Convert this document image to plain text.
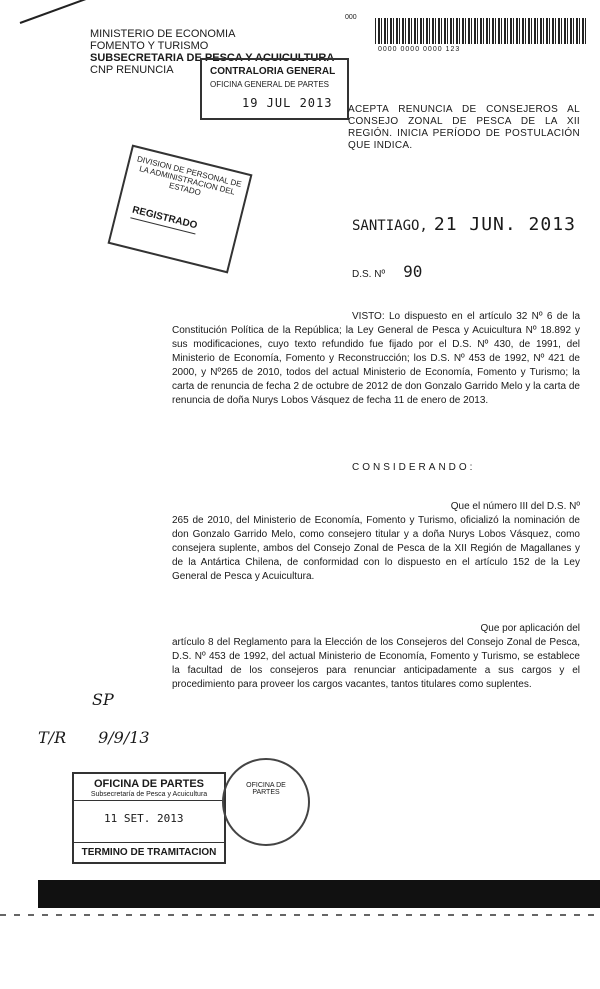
MINISTERIO DE ECONOMIA
FOMENTO Y TURISMO
SUBSECRETARIA DE PESCA Y ACUICULTURA
CNP RENUNCIA
000
0000 0000 0000 123
CONTRALORIA GENERAL
OFICINA GENERAL DE PARTES
19 JUL 2013
DIVISION DE PERSONAL DE LA ADMINISTRACION DEL ESTADO
REGISTRADO
ACEPTA RENUNCIA DE CONSEJEROS AL CONSEJO ZONAL DE PESCA DE LA XII REGIÓN. INICIA PERÍODO DE POSTULACIÓN QUE INDICA.
SANTIAGO, 21 JUN. 2013
D.S. Nº 90
VISTO: Lo dispuesto en el artículo 32 Nº 6 de la Constitución Política de la República; la Ley General de Pesca y Acuicultura Nº 18.892 y sus modificaciones, cuyo texto refundido fue fijado por el D.S. Nº 430, de 1991, del Ministerio de Economía, Fomento y Reconstrucción; los D.S. Nº 453 de 1992, Nº 421 de 2000, y Nº265 de 2010, todos del actual Ministerio de Economía, Fomento y Turismo; la carta de renuncia de fecha 2 de octubre de 2012 de don Gonzalo Garrido Melo y la carta de renuncia de doña Nurys Lobos Vásquez de fecha 11 de enero de 2013.
CONSIDERANDO:
Que el número III del D.S. Nº
265 de 2010, del Ministerio de Economía, Fomento y Turismo, oficializó la nominación de don Gonzalo Garrido Melo, como consejero titular y a doña Nurys Lobos Vásquez, como consejera suplente, ambos del Consejo Zonal de Pesca de la XII Región de Magallanes y de la Antártica Chilena, de conformidad con lo dispuesto en el artículo 152 de la Ley General de Pesca y Acuicultura.
Que por aplicación del
artículo 8 del Reglamento para la Elección de los Consejeros del Consejo Zonal de Pesca, D.S. Nº 453 de 1992, del actual Ministerio de Economía, Fomento y Turismo, se establece la facultad de los consejeros para renunciar anticipadamente a sus cargos y el procedimiento para proveer los cargos vacantes, tantos titulares como suplentes.
SP
T/R 9/9/13
OFICINA DE PARTES
Subsecretaría de Pesca y Acuicultura
11 SET. 2013
TERMINO DE TRAMITACION
OFICINA DE PARTES
